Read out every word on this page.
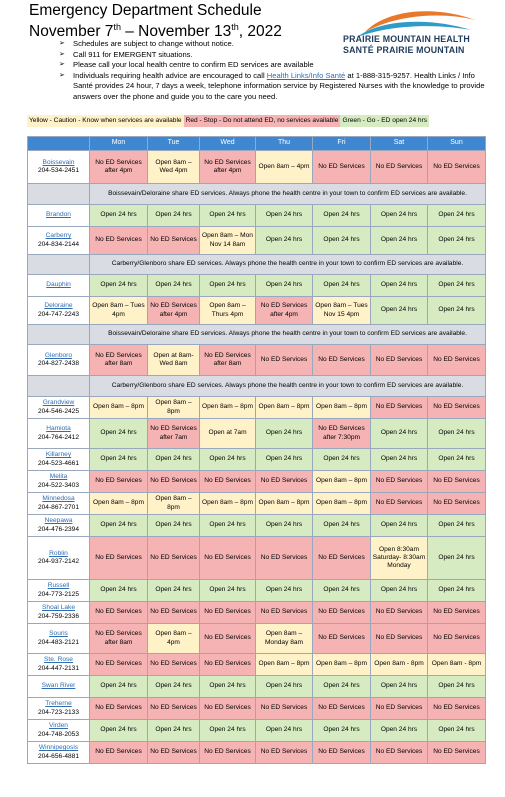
Emergency Department Schedule
November 7th – November 13th, 2022	PRAIRIE MOUNTAIN HEALTH
SANTÉ PRAIRIE MOUNTAIN
➢ Schedules are subject to change without notice.
➢ Call 911 for EMERGENT situations.
➢ Please call your local health centre to confirm ED services are available
➢ Individuals requiring health advice are encouraged to call Health Links/Info Santé at 1-888-315-9257. Health Links / Info Santé provides 24 hour, 7 days a week, telephone information service by Registered Nurses with the knowledge to provide answers over the phone and guide you to the care you need.
Yellow - Caution - Know when services are available Red - Stop - Do not attend ED, no services available Green - Go - ED open 24 hrs
	Mon	Tue	Wed	Thu	Fri	Sat	Sun

Boissevain
204-534-2451	No ED Services after 4pm	Open 8am – Wed 4pm	No ED Services after 4pm	Open 8am – 4pm	No ED Services	No ED Services	No ED Services
	Boissevain/Deloraine share ED services. Always phone the health centre in your town to confirm ED services are available.						

Brandon	Open 24 hrs	Open 24 hrs	Open 24 hrs	Open 24 hrs	Open 24 hrs	Open 24 hrs	Open 24 hrs

Carberry
204-834-2144	No ED Services	No ED Services	Open 8am – Mon Nov 14 8am	Open 24 hrs	Open 24 hrs	Open 24 hrs	Open 24 hrs
	Carberry/Glenboro share ED services. Always phone the health centre in your town to confirm ED services are available.						

Dauphin	Open 24 hrs	Open 24 hrs	Open 24 hrs	Open 24 hrs	Open 24 hrs	Open 24 hrs	Open 24 hrs

Deloraine
204-747-2243	Open 8am – Tues 4pm	No ED Services after 4pm	Open 8am – Thurs 4pm	No ED Services after 4pm	Open 8am – Tues Nov 15 4pm	Open 24 hrs	Open 24 hrs
	Boissevain/Deloraine share ED services. Always phone the health centre in your town to confirm ED services are available.						

Glenboro
204-827-2438	No ED Services after 8am	Open at 8am- Wed 8am	No ED Services after 8am	No ED Services	No ED Services	No ED Services	No ED Services
	Carberry/Glenboro share ED services. Always phone the health centre in your town to confirm ED services are available.						

Grandview
204-546-2425	Open 8am – 8pm	Open 8am – 8pm	Open 8am – 8pm	Open 8am – 8pm	Open 8am – 8pm	No ED Services	No ED Services

Hamiota
204-764-2412	Open 24 hrs	No ED Services after 7am	Open at 7am	Open 24 hrs	No ED Services after 7:30pm	Open 24 hrs	Open 24 hrs

Killarney
204-523-4661	Open 24 hrs	Open 24 hrs	Open 24 hrs	Open 24 hrs	Open 24 hrs	Open 24 hrs	Open 24 hrs

Melita
204-522-3403	No ED Services	No ED Services	No ED Services	No ED Services	Open 8am – 8pm	No ED Services	No ED Services

Minnedosa
204-867-2701	Open 8am – 8pm	Open 8am – 8pm	Open 8am – 8pm	Open 8am – 8pm	Open 8am – 8pm	No ED Services	No ED Services

Neepawa
204-476-2394	Open 24 hrs	Open 24 hrs	Open 24 hrs	Open 24 hrs	Open 24 hrs	Open 24 hrs	Open 24 hrs

Roblin
204-937-2142	No ED Services	No ED Services	No ED Services	No ED Services	No ED Services	Open 8:30am Saturday- 8:30am Monday	Open 24 hrs

Russell
204-773-2125	Open 24 hrs	Open 24 hrs	Open 24 hrs	Open 24 hrs	Open 24 hrs	Open 24 hrs	Open 24 hrs

Shoal Lake
204-759-2336	No ED Services	No ED Services	No ED Services	No ED Services	No ED Services	No ED Services	No ED Services

Souris
204-483-2121	No ED Services after 8am	Open 8am – 4pm	No ED Services	Open 8am – Monday 8am	No ED Services	No ED Services	No ED Services

Ste. Rose
204-447-2131	No ED Services	No ED Services	No ED Services	Open 8am – 8pm	Open 8am – 8pm	Open 8am - 8pm	Open 8am - 8pm

Swan River	Open 24 hrs	Open 24 hrs	Open 24 hrs	Open 24 hrs	Open 24 hrs	Open 24 hrs	Open 24 hrs

Treherne
204-723-2133	No ED Services	No ED Services	No ED Services	No ED Services	No ED Services	No ED Services	No ED Services

Virden
204-748-2053	Open 24 hrs	Open 24 hrs	Open 24 hrs	Open 24 hrs	Open 24 hrs	Open 24 hrs	Open 24 hrs

Winnipegosis
204-656-4881	No ED Services	No ED Services	No ED Services	No ED Services	No ED Services	No ED Services	No ED Services
